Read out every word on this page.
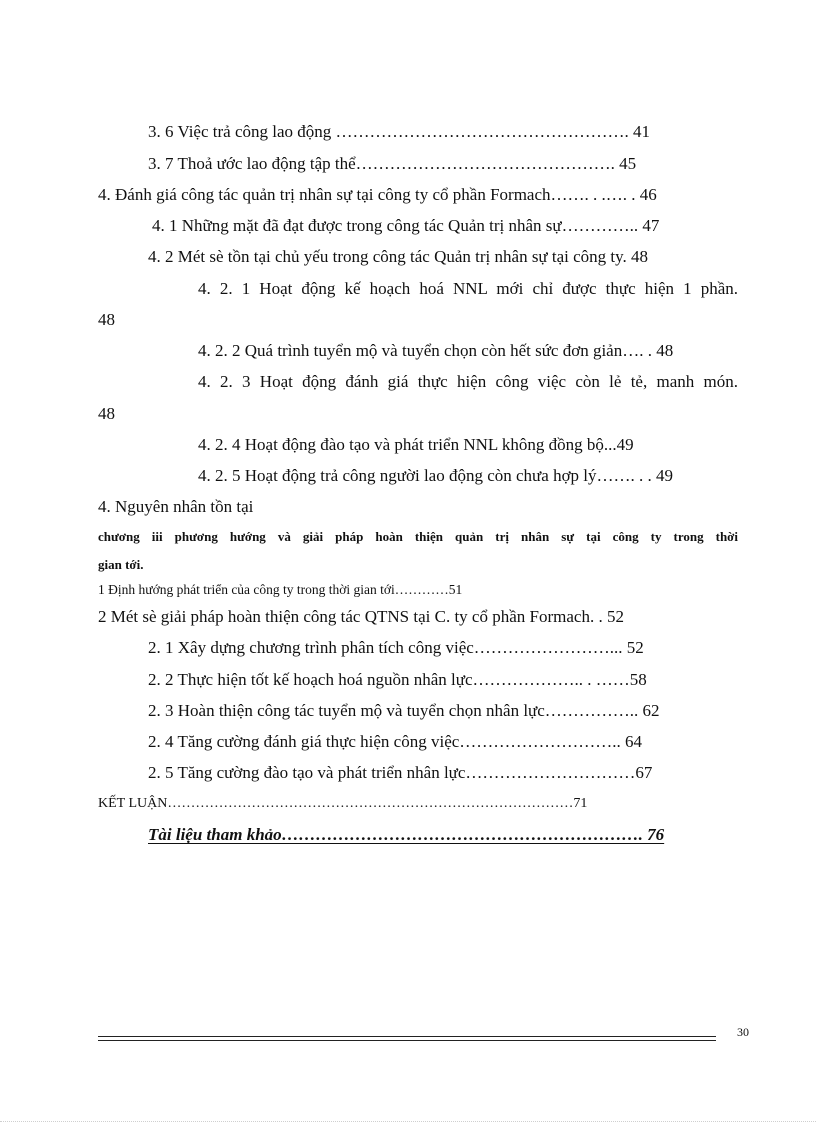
3. 6 Việc trả công lao động ……………………………………………. 41
3. 7 Thoả ước lao động tập thể………………………………………. 45
4. Đánh giá công tác quản trị nhân sự tại công ty cổ phần Formach……. . .…. . 46
4. 1 Những mặt đã đạt được trong công tác Quản trị nhân sự………….. 47
4. 2 Mét sè tồn tại chủ yếu trong công tác Quản trị nhân sự tại công ty. 48
4. 2. 1 Hoạt động kế hoạch hoá NNL mới chỉ được thực hiện 1 phần.
48
4. 2. 2 Quá trình tuyển mộ và tuyển chọn còn hết sức đơn giản…. . 48
4. 2. 3 Hoạt động đánh giá thực hiện công việc còn lẻ tẻ, manh món.
48
4. 2. 4 Hoạt động đào tạo và phát triển NNL không đồng bộ...49
4. 2. 5 Hoạt động trả công người lao động còn chưa hợp lý……. . . 49
4. Nguyên nhân tồn tại
chương iii phương hướng và giải pháp hoàn thiện quản trị nhân sự tại công ty trong thời
gian tới.
1 Định hướng phát triển của công ty trong thời gian tới…………51
2 Mét sè giải pháp hoàn thiện công tác QTNS tại C. ty cổ phần Formach. . 52
2. 1 Xây dựng chương trình phân tích công việc……………………... 52
2. 2 Thực hiện tốt kế hoạch hoá nguồn nhân lực……………….. . ……58
2. 3 Hoàn thiện công tác tuyển mộ và tuyển chọn nhân lực…………….. 62
2. 4 Tăng cường đánh giá thực hiện công việc……………………….. 64
2. 5 Tăng cường đào tạo và phát triển nhân lực…………………………67
KẾT LUẬN……………………………………………………………………………71
Tài liệu tham khảo………………………………………………………. 76
30
